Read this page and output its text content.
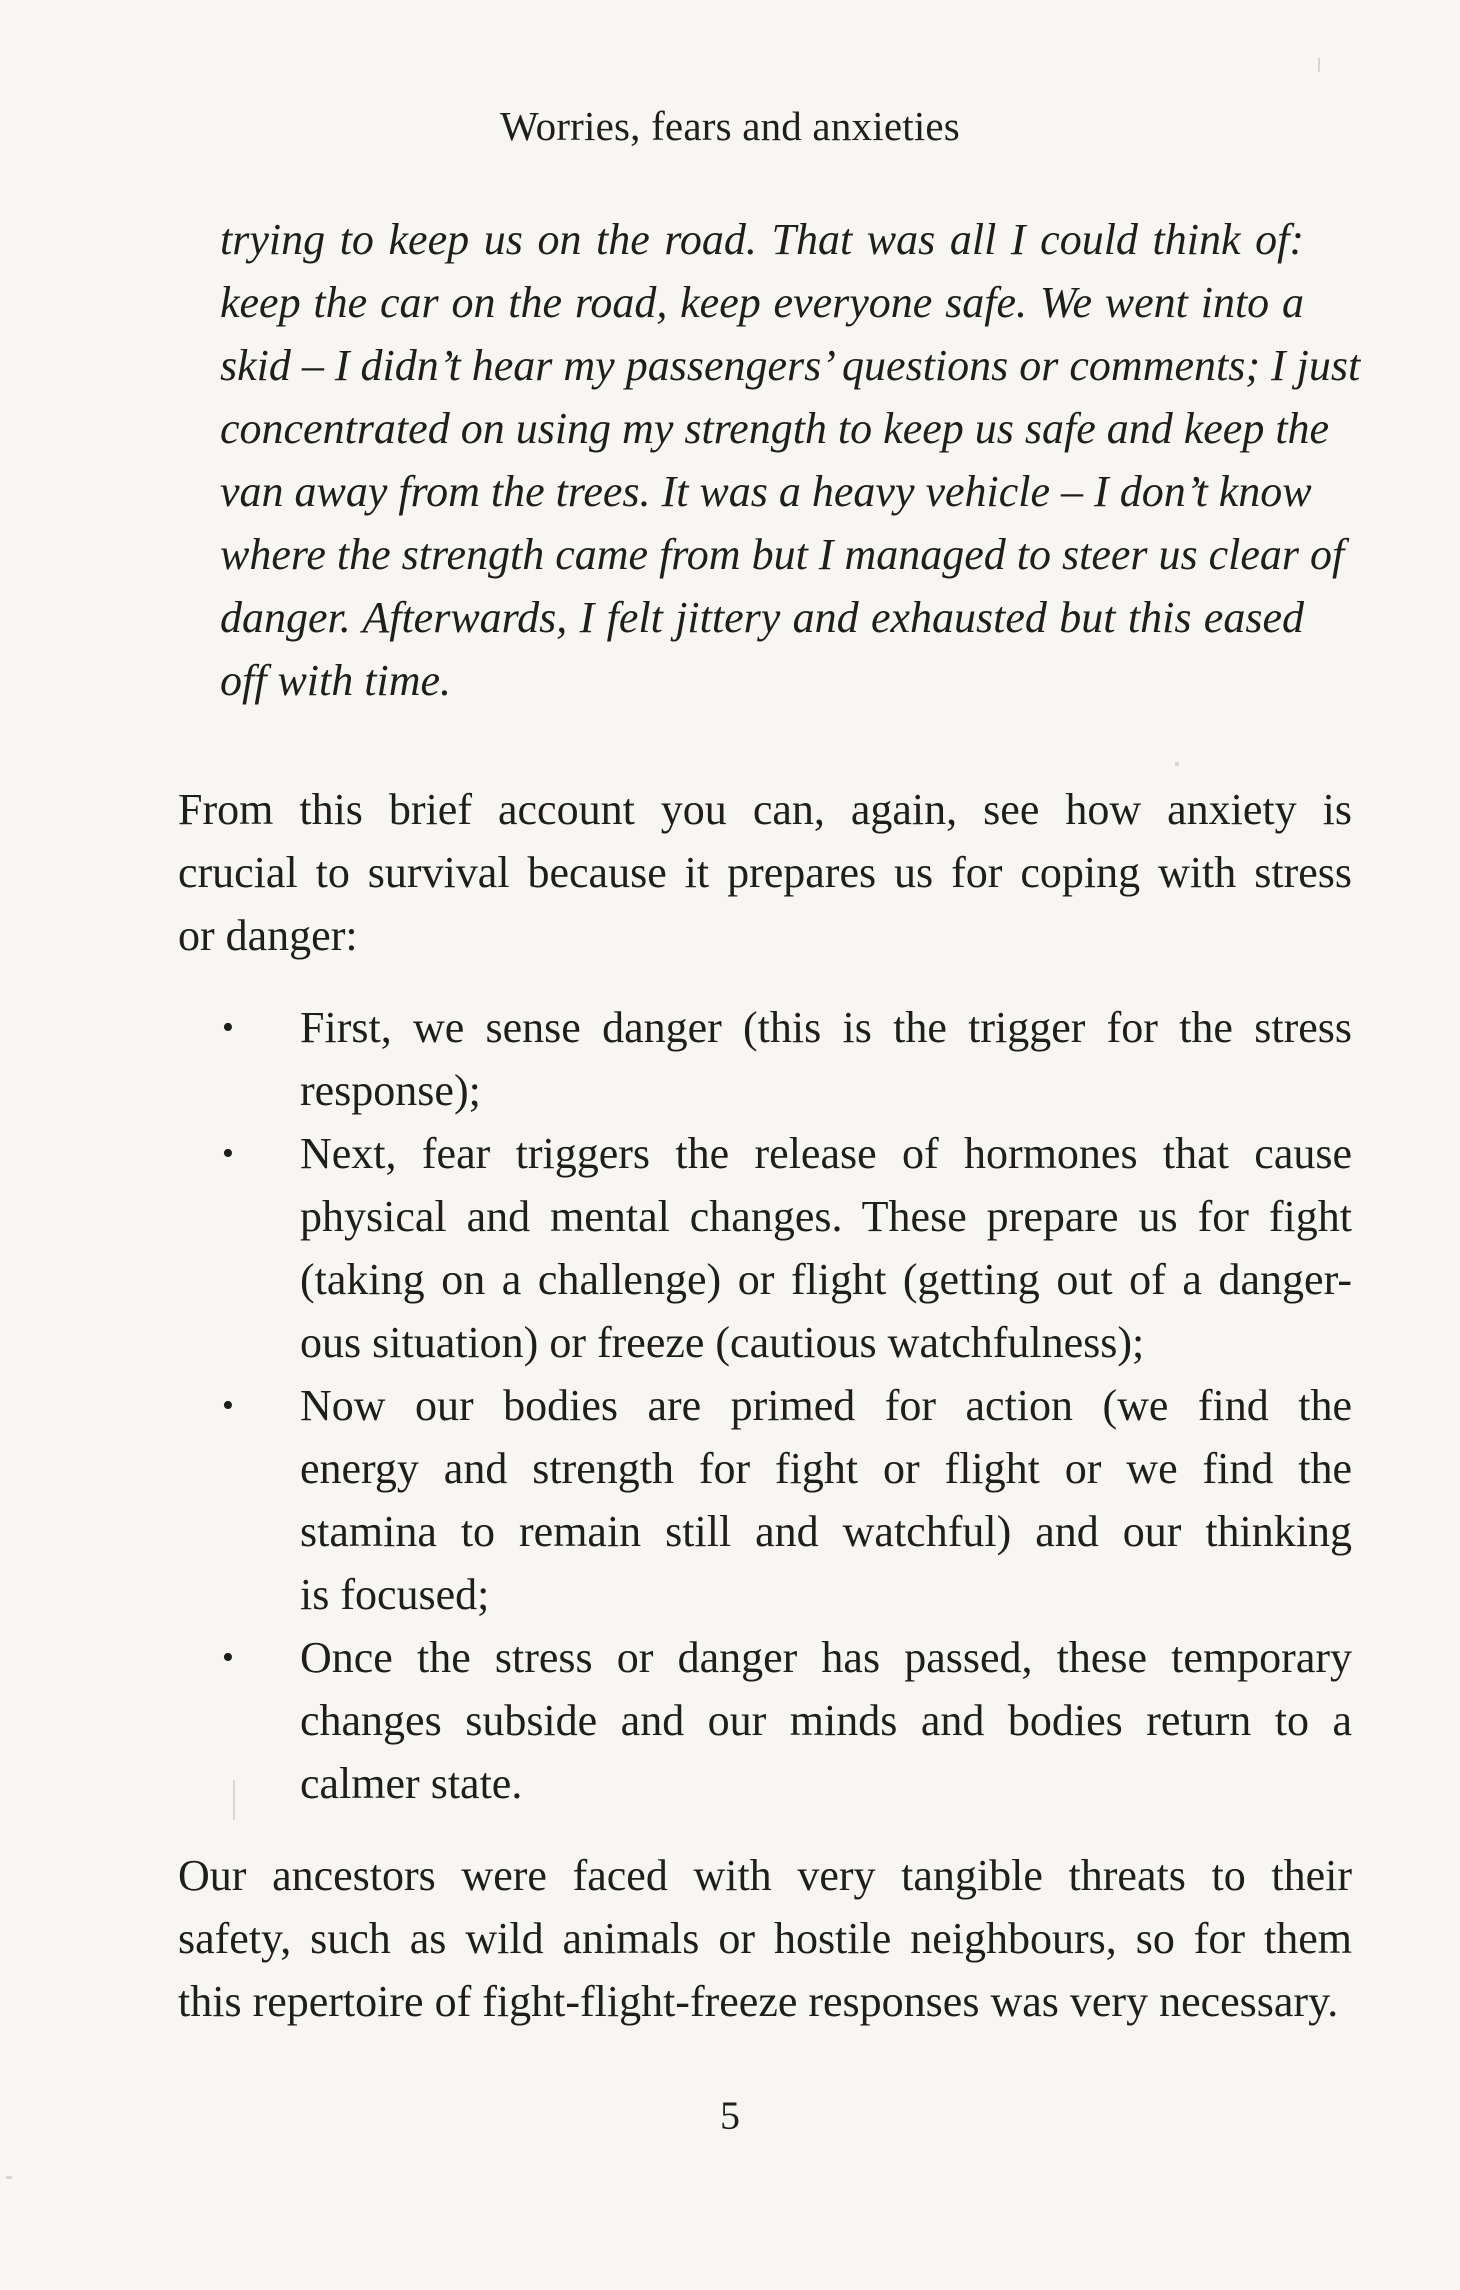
Worries, fears and anxieties
trying to keep us on the road. That was all I could think of:
keep the car on the road, keep everyone safe. We went into a
skid – I didn’t hear my passengers’ questions or comments; I just
concentrated on using my strength to keep us safe and keep the
van away from the trees. It was a heavy vehicle – I don’t know
where the strength came from but I managed to steer us clear of
danger. Afterwards, I felt jittery and exhausted but this eased
off with time.
From this brief account you can, again, see how anxiety is
crucial to survival because it prepares us for coping with stress
or danger:
• First, we sense danger (this is the trigger for the stress
response);
• Next, fear triggers the release of hormones that cause
physical and mental changes. These prepare us for fight
(taking on a challenge) or flight (getting out of a danger-
ous situation) or freeze (cautious watchfulness);
• Now our bodies are primed for action (we find the
energy and strength for fight or flight or we find the
stamina to remain still and watchful) and our thinking
is focused;
• Once the stress or danger has passed, these temporary
changes subside and our minds and bodies return to a
calmer state.
Our ancestors were faced with very tangible threats to their
safety, such as wild animals or hostile neighbours, so for them
this repertoire of fight-flight-freeze responses was very necessary.
5
